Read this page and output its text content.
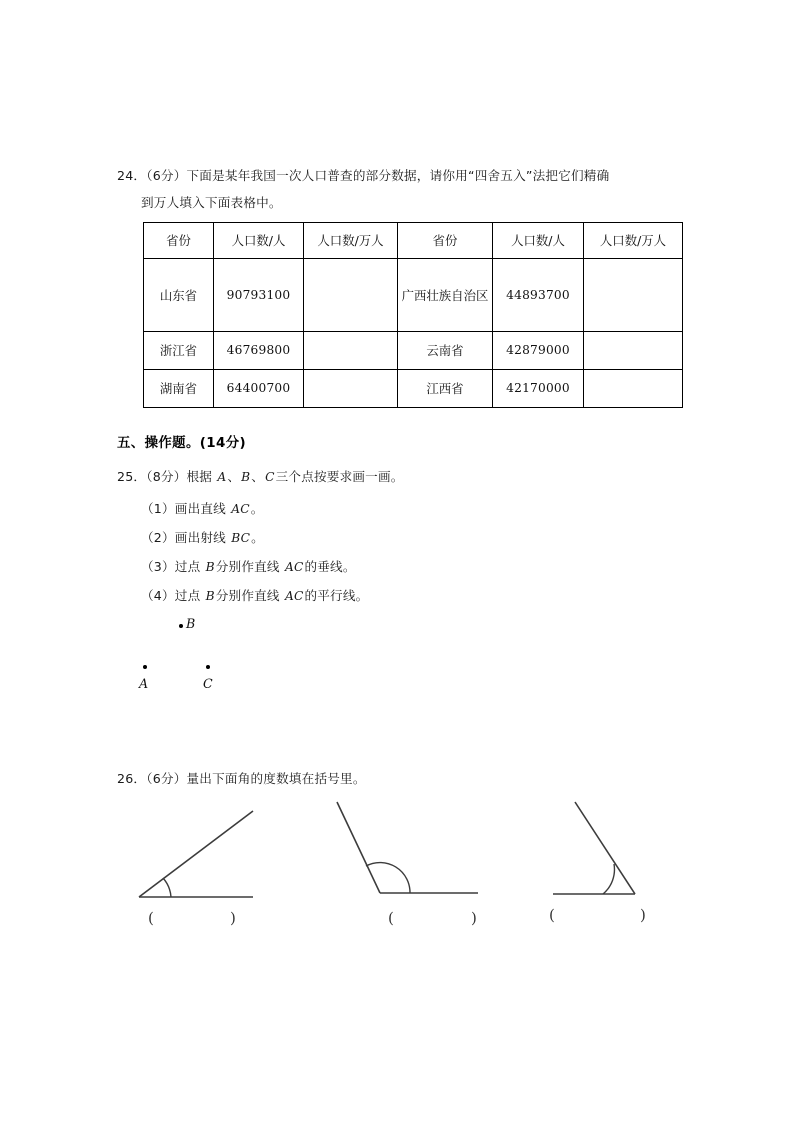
24．（6分）下面是某年我国一次人口普查的部分数据，请你用“四舍五入”法把它们精确
到万人填入下面表格中。
省份	人口数/人	人口数/万人	省份	人口数/人	人口数/万人
山东省	90793100		广西壮族自治区	44893700	
浙江省	46769800		云南省	42879000	
湖南省	64400700		江西省	42170000	
五、操作题。(14分)
25．（8分）根据 A、B、C三个点按要求画一画。
（1）画出直线 AC。
（2）画出射线 BC。
（3）过点 B分别作直线 AC的垂线。
（4）过点 B分别作直线 AC的平行线。
B
A	C
26．（6分）量出下面角的度数填在括号里。
(	)	(	)	(	)
